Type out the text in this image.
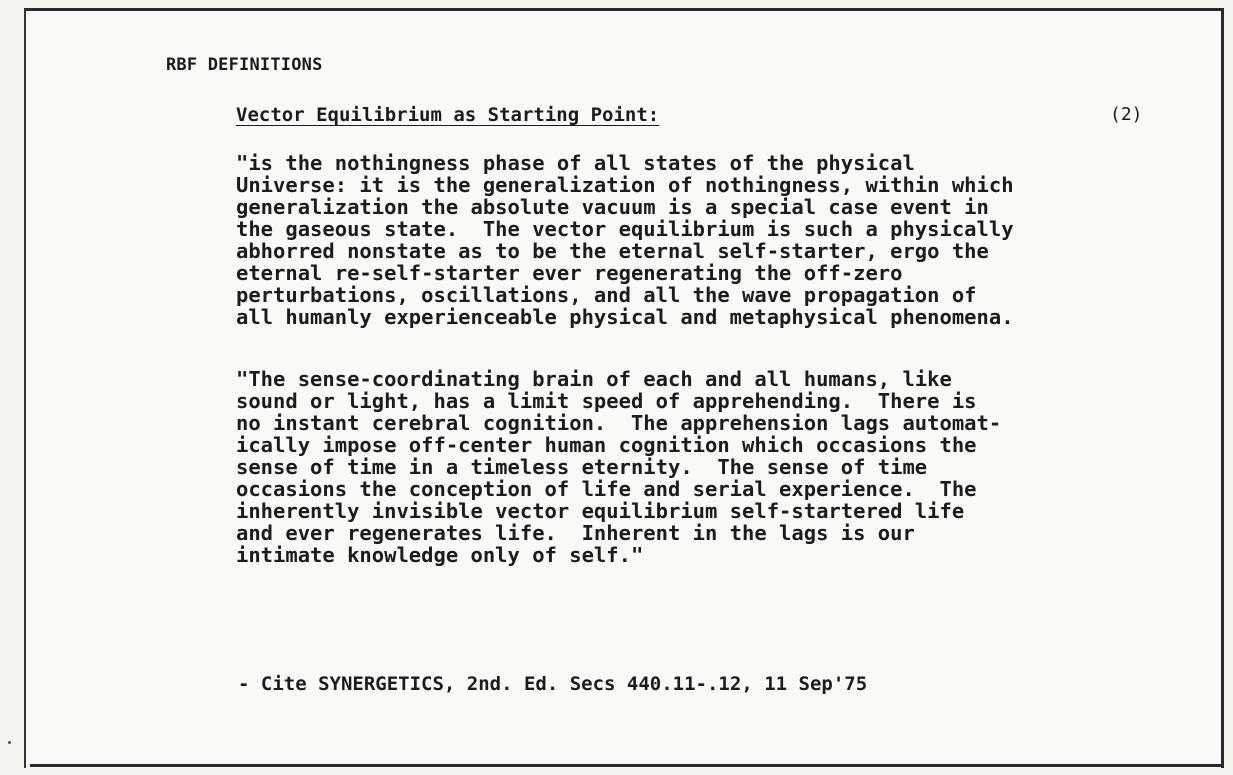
RBF DEFINITIONS
Vector Equilibrium as Starting Point:	(2)
"is the nothingness phase of all states of the physical
Universe: it is the generalization of nothingness, within which
generalization the absolute vacuum is a special case event in
the gaseous state.  The vector equilibrium is such a physically
abhorred nonstate as to be the eternal self-starter, ergo the
eternal re-self-starter ever regenerating the off-zero
perturbations, oscillations, and all the wave propagation of
all humanly experienceable physical and metaphysical phenomena.
"The sense-coordinating brain of each and all humans, like
sound or light, has a limit speed of apprehending.  There is
no instant cerebral cognition.  The apprehension lags automat-
ically impose off-center human cognition which occasions the
sense of time in a timeless eternity.  The sense of time
occasions the conception of life and serial experience.  The
inherently invisible vector equilibrium self-startered life
and ever regenerates life.  Inherent in the lags is our
intimate knowledge only of self."
- Cite SYNERGETICS, 2nd. Ed. Secs 440.11-.12, 11 Sep'75
